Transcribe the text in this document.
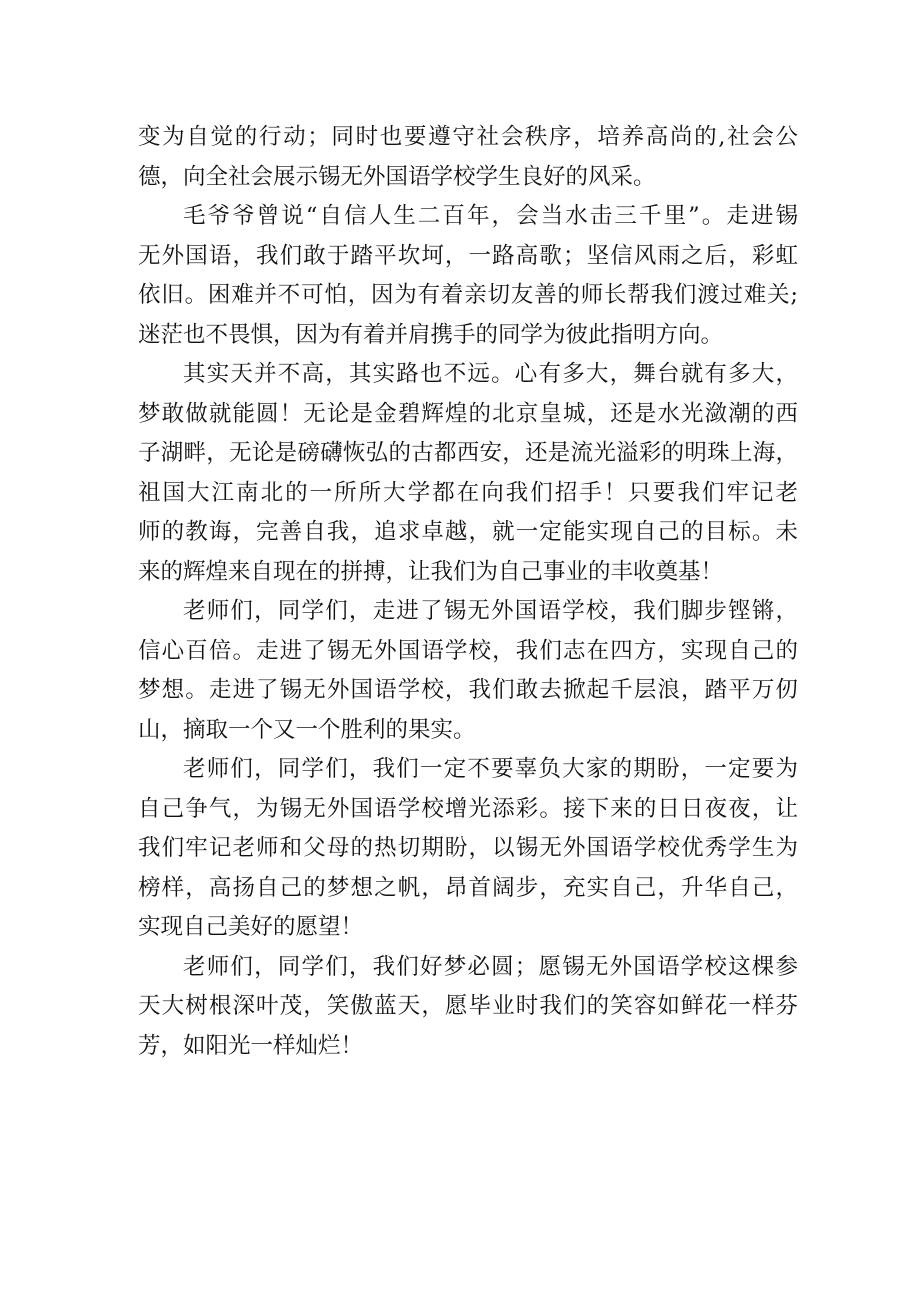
变为自觉的行动；同时也要遵守社会秩序，培养高尚的,社会公
德，向全社会展示锡无外国语学校学生良好的风采。
毛爷爷曾说“自信人生二百年，会当水击三千里”。走进锡
无外国语，我们敢于踏平坎坷，一路高歌；坚信风雨之后，彩虹
依旧。困难并不可怕，因为有着亲切友善的师长帮我们渡过难关;
迷茫也不畏惧，因为有着并肩携手的同学为彼此指明方向。
其实天并不高，其实路也不远。心有多大，舞台就有多大，
梦敢做就能圆！无论是金碧辉煌的北京皇城，还是水光潋潮的西
子湖畔，无论是磅礴恢弘的古都西安，还是流光溢彩的明珠上海，
祖国大江南北的一所所大学都在向我们招手！只要我们牢记老
师的教诲，完善自我，追求卓越，就一定能实现自己的目标。未
来的辉煌来自现在的拼搏，让我们为自己事业的丰收奠基！
老师们，同学们，走进了锡无外国语学校，我们脚步铿锵，
信心百倍。走进了锡无外国语学校，我们志在四方，实现自己的
梦想。走进了锡无外国语学校，我们敢去掀起千层浪，踏平万仞
山，摘取一个又一个胜利的果实。
老师们，同学们，我们一定不要辜负大家的期盼，一定要为
自己争气，为锡无外国语学校增光添彩。接下来的日日夜夜，让
我们牢记老师和父母的热切期盼，以锡无外国语学校优秀学生为
榜样，高扬自己的梦想之帆，昂首阔步，充实自己，升华自己，
实现自己美好的愿望！
老师们，同学们，我们好梦必圆；愿锡无外国语学校这棵参
天大树根深叶茂，笑傲蓝天，愿毕业时我们的笑容如鲜花一样芬
芳，如阳光一样灿烂！
